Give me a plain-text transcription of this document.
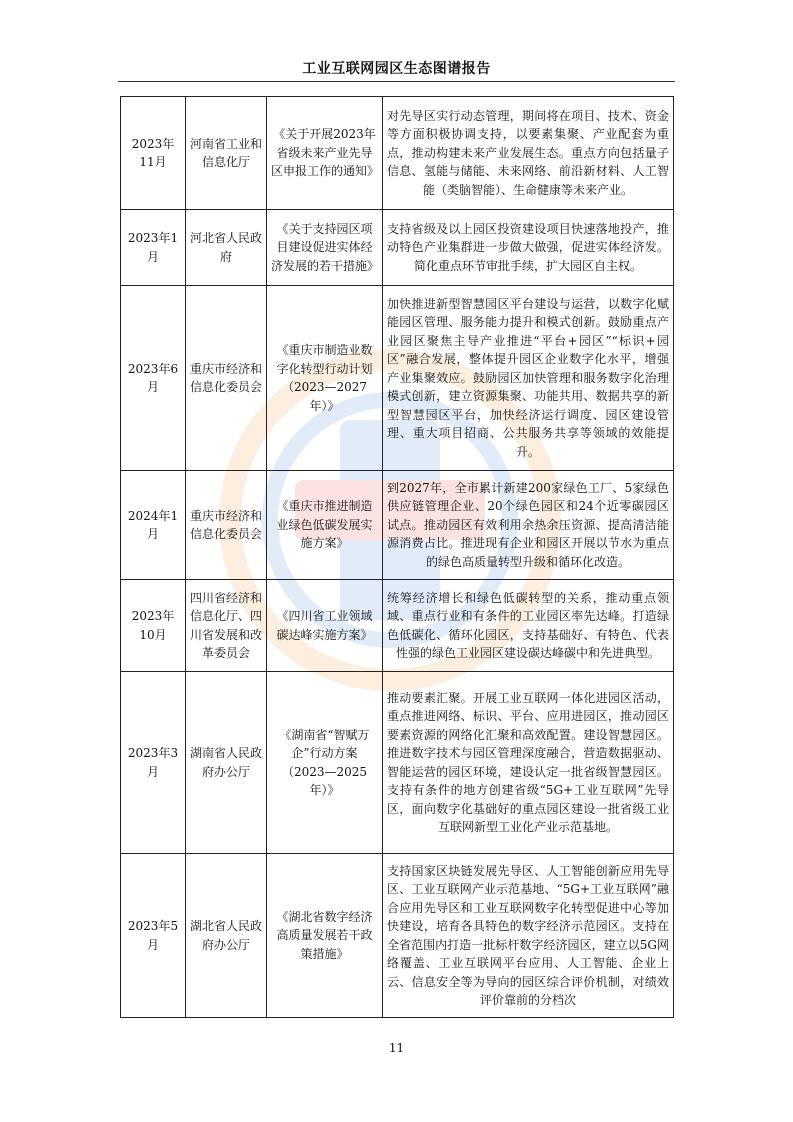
工业互联网园区生态图谱报告
2023年11月	河南省工业和信息化厅	《关于开展2023年省级未来产业先导区申报工作的通知》	对先导区实行动态管理，期间将在项目、技术、资金等方面积极协调支持，以要素集聚、产业配套为重点，推动构建未来产业发展生态。重点方向包括量子信息、氢能与储能、未来网络、前沿新材料、人工智能（类脑智能）、生命健康等未来产业。
2023年1月	河北省人民政府	《关于支持园区项目建设促进实体经济发展的若干措施》	支持省级及以上园区投资建设项目快速落地投产，推动特色产业集群进一步做大做强，促进实体经济发。简化重点环节审批手续，扩大园区自主权。
2023年6月	重庆市经济和信息化委员会	《重庆市制造业数字化转型行动计划（2023—2027年）》	加快推进新型智慧园区平台建设与运营，以数字化赋能园区管理、服务能力提升和模式创新。鼓励重点产业园区聚焦主导产业推进“平台+园区”“标识+园区”融合发展，整体提升园区企业数字化水平，增强产业集聚效应。鼓励园区加快管理和服务数字化治理模式创新，建立资源集聚、功能共用、数据共享的新型智慧园区平台，加快经济运行调度、园区建设管理、重大项目招商、公共服务共享等领域的效能提升。
2024年1月	重庆市经济和信息化委员会	《重庆市推进制造业绿色低碳发展实施方案》	到2027年，全市累计新建200家绿色工厂、5家绿色供应链管理企业、20个绿色园区和24个近零碳园区试点。推动园区有效利用余热余压资源、提高清洁能源消费占比。推进现有企业和园区开展以节水为重点的绿色高质量转型升级和循环化改造。
2023年10月	四川省经济和信息化厅、四川省发展和改革委员会	《四川省工业领域碳达峰实施方案》	统筹经济增长和绿色低碳转型的关系，推动重点领域、重点行业和有条件的工业园区率先达峰。打造绿色低碳化、循环化园区，支持基础好、有特色、代表性强的绿色工业园区建设碳达峰碳中和先进典型。
2023年3月	湖南省人民政府办公厅	《湖南省“智赋万企”行动方案（2023—2025年）》	推动要素汇聚。开展工业互联网一体化进园区活动，重点推进网络、标识、平台、应用进园区，推动园区要素资源的网络化汇聚和高效配置。建设智慧园区。推进数字技术与园区管理深度融合，营造数据驱动、智能运营的园区环境，建设认定一批省级智慧园区。支持有条件的地方创建省级“5G+工业互联网”先导区，面向数字化基础好的重点园区建设一批省级工业互联网新型工业化产业示范基地。
2023年5月	湖北省人民政府办公厅	《湖北省数字经济高质量发展若干政策措施》	支持国家区块链发展先导区、人工智能创新应用先导区、工业互联网产业示范基地、“5G+工业互联网”融合应用先导区和工业互联网数字化转型促进中心等加快建设，培育各具特色的数字经济示范园区。支持在全省范围内打造一批标杆数字经济园区，建立以5G网络覆盖、工业互联网平台应用、人工智能、企业上云、信息安全等为导向的园区综合评价机制，对绩效评价靠前的分档次
11
